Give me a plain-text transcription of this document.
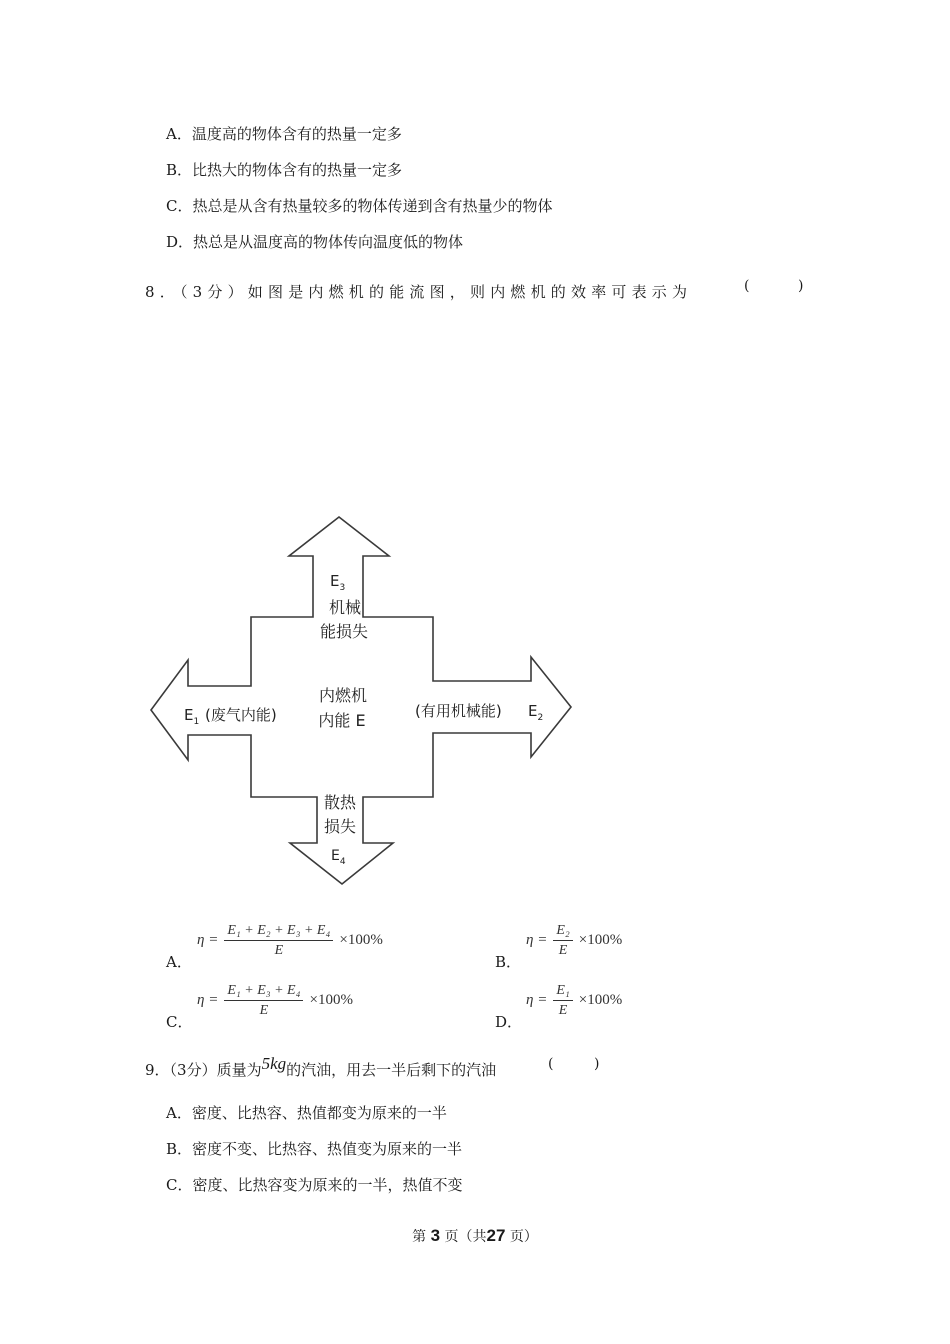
A．温度高的物体含有的热量一定多
B．比热大的物体含有的热量一定多
C．热总是从含有热量较多的物体传递到含有热量少的物体
D．热总是从温度高的物体传向温度低的物体
8．（3分）如图是内燃机的能流图，则内燃机的效率可表示为	(	)
$E_3$
机械
能损失
$E_1$ (废气内能)
内燃机
内能 E	(有用机械能) $E_2$
散热
损失
$E_4$
$\eta = \frac{\text{E₁ + E₂ + E₃ + E₄}}{E} \times 100\%$
A．
$\eta = \frac{\text{E₂}}{E} \times 100\%$
B．
$\eta = \frac{\text{E₁ + E₃ + E₄}}{E} \times 100\%$
C．
$\eta = \frac{\text{E₁}}{E} \times 100\%$
D．
9．（3分）质量为5kg的汽油，用去一半后剩下的汽油	(	)
A．密度、比热容、热值都变为原来的一半
B．密度不变、比热容、热值变为原来的一半
C．密度、比热容变为原来的一半，热值不变
第 3 页（共27 页）
